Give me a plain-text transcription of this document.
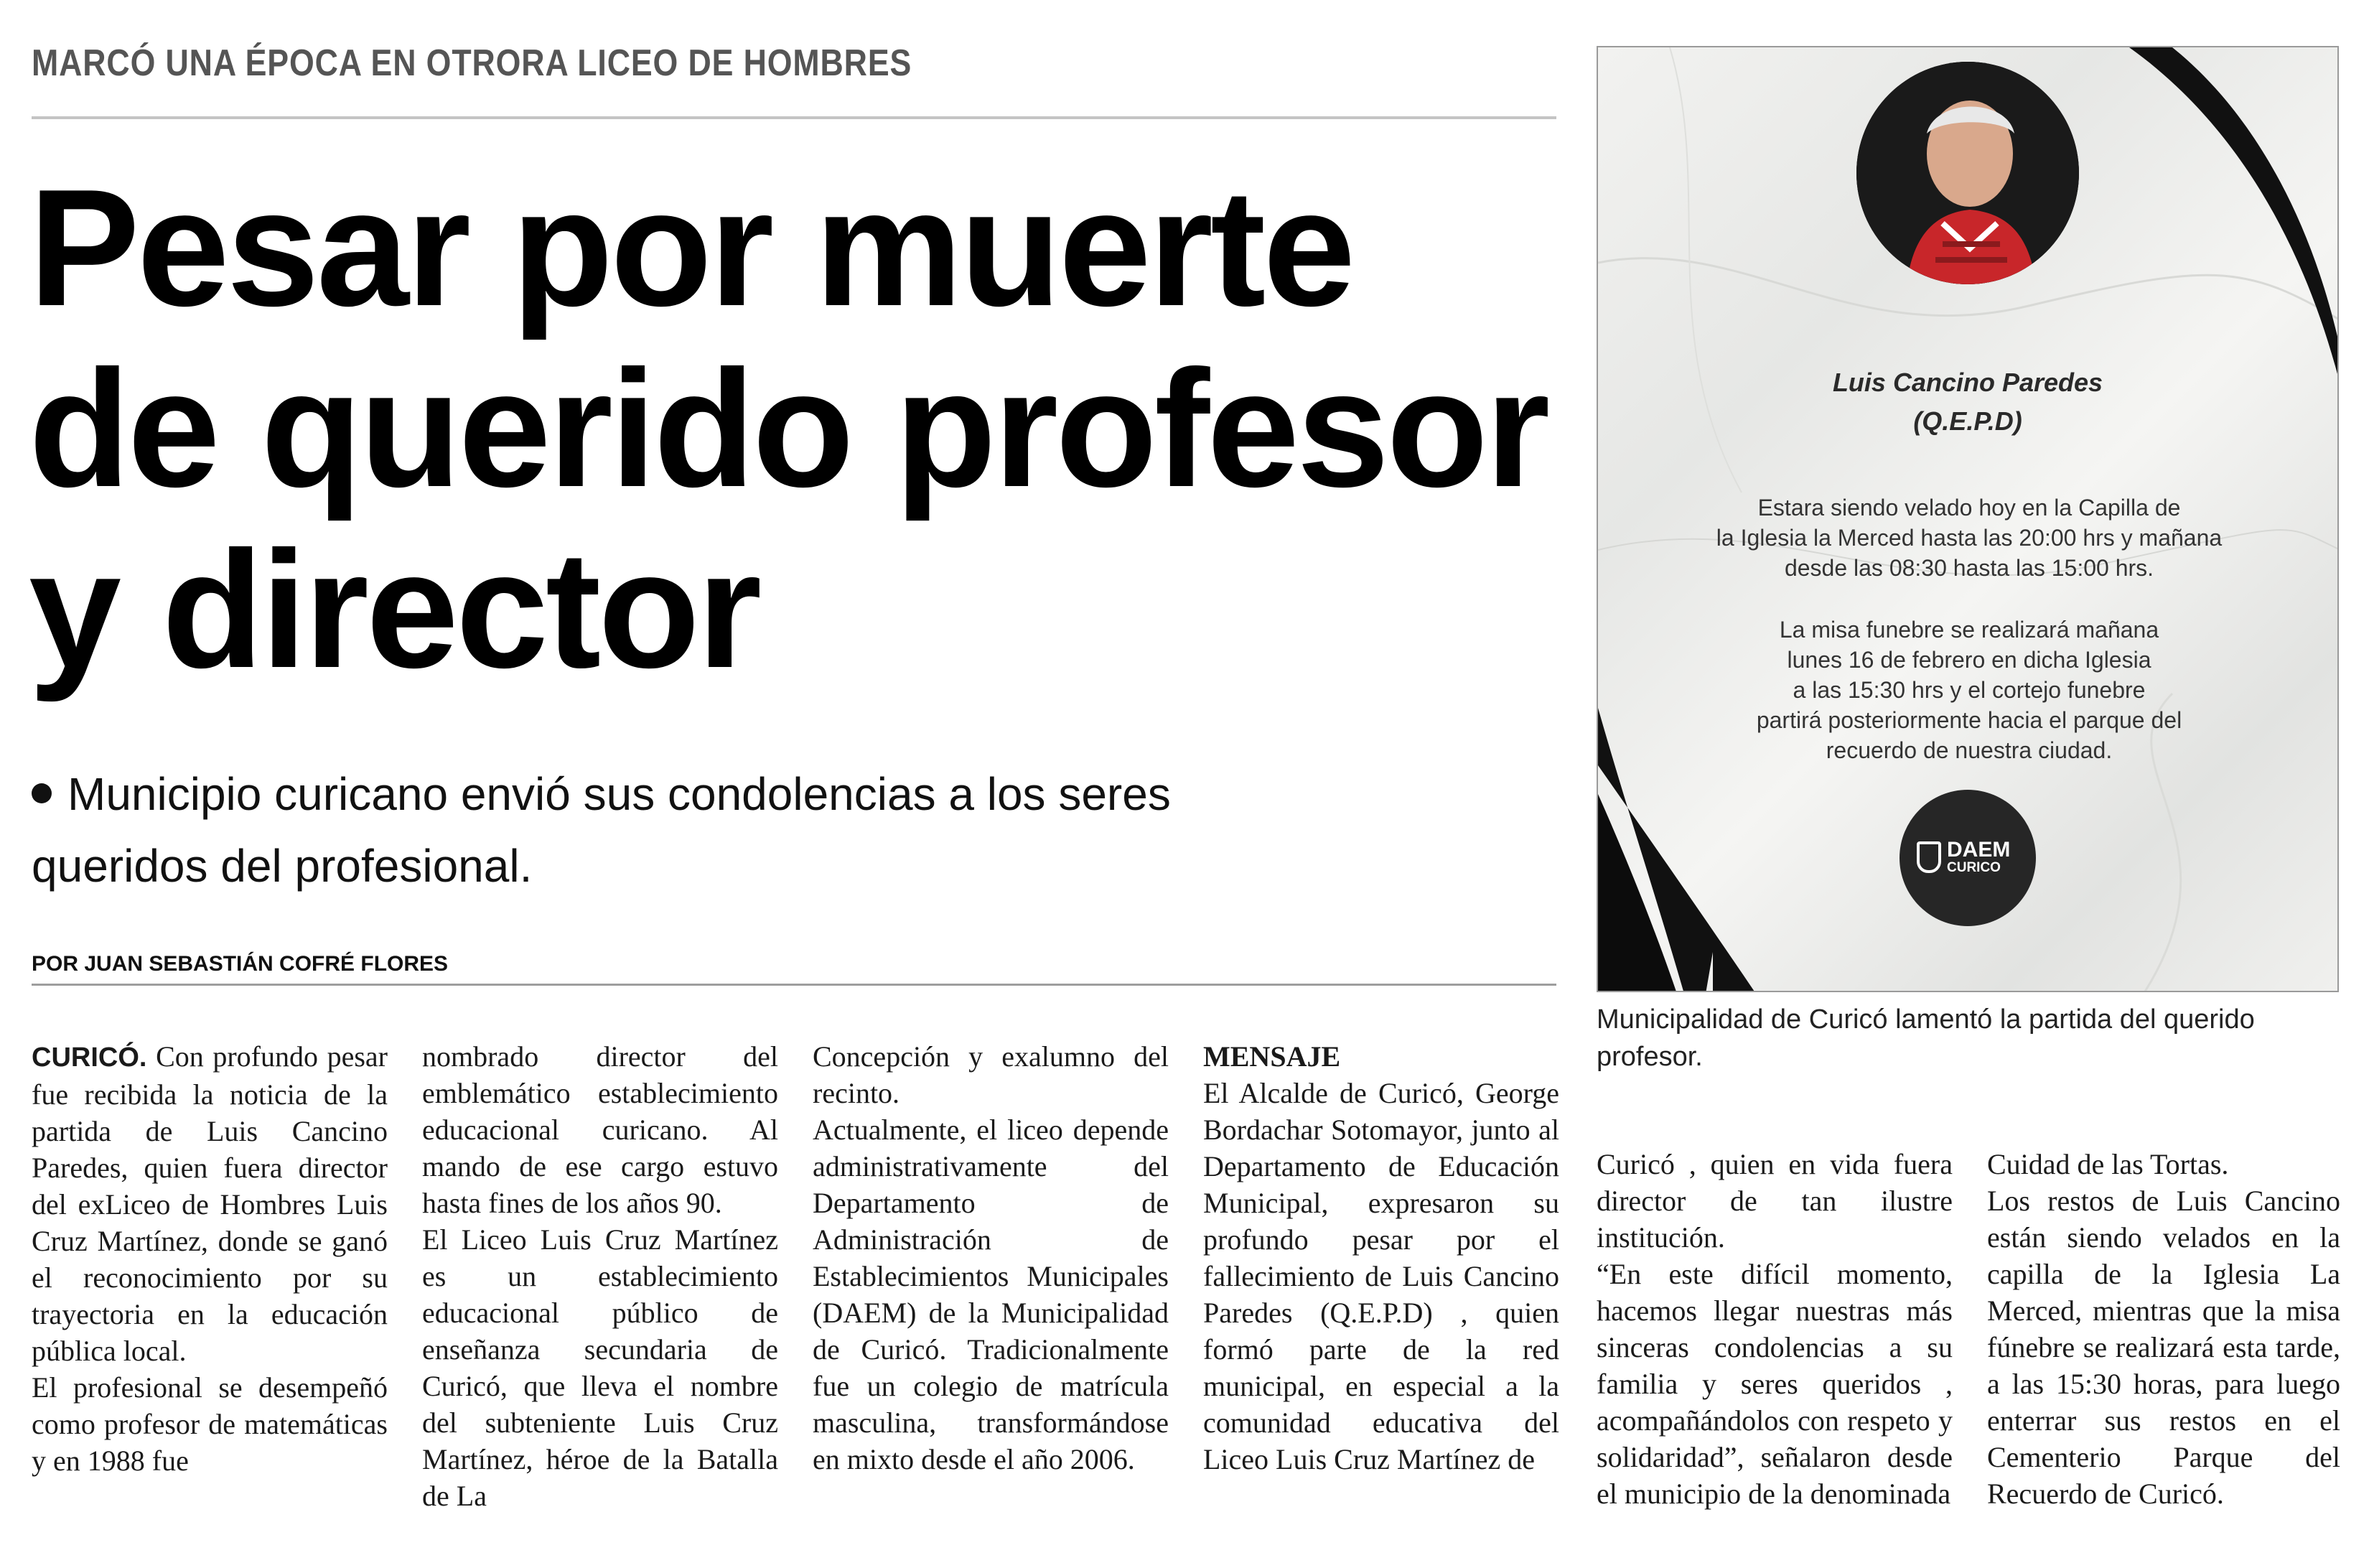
MARCÓ UNA ÉPOCA EN OTRORA LICEO DE HOMBRES
Pesar por muerte
de querido profesor
y director
Municipio curicano envió sus condolencias a los seres
queridos del profesional.
POR JUAN SEBASTIÁN COFRÉ FLORES

CURICÓ. Con profundo pesar fue recibida la noticia de la partida de Luis Cancino Paredes, quien fuera director del exLiceo de Hombres Luis Cruz Martínez, donde se ganó el reconocimiento por su trayectoria en la educación pública local.

El profesional se desempeñó como profesor de matemáticas y en 1988 fue

nombrado director del emblemático establecimiento educacional curicano. Al mando de ese cargo estuvo hasta fines de los años 90.

El Liceo Luis Cruz Martínez es un establecimiento educacional público de enseñanza secundaria de Curicó, que lleva el nombre del subteniente Luis Cruz Martínez, héroe de la Batalla de La

Concepción y exalumno del recinto.

Actualmente, el liceo depende administrativamente del Departamento de Administración de Establecimientos Municipales (DAEM) de la Municipalidad de Curicó. Tradicionalmente fue un colegio de matrícula masculina, transformándose en mixto desde el año 2006.

MENSAJE

El Alcalde de Curicó, George Bordachar Sotomayor, junto al Departamento de Educación Municipal, expresaron su profundo pesar por el fallecimiento de Luis Cancino Paredes (Q.E.P.D) , quien formó parte de la red municipal, en especial a la comunidad educativa del Liceo Luis Cruz Martínez de

Curicó , quien en vida fuera director de tan ilustre institución.

“En este difícil momento, hacemos llegar nuestras más sinceras condolencias a su familia y seres queridos , acompañándolos con respeto y solidaridad”, señalaron desde el municipio de la denominada

Cuidad de las Tortas.

Los restos de Luis Cancino están siendo velados en la capilla de la Iglesia La Merced, mientras que la misa fúnebre se realizará esta tarde, a las 15:30 horas, para luego enterrar sus restos en el Cementerio Parque del Recuerdo de Curicó.

Luis Cancino Paredes
(Q.E.P.D)
Estara siendo velado hoy en la Capilla de
la Iglesia la Merced hasta las 20:00 hrs y mañana
desde las 08:30 hasta las 15:00 hrs.
La misa funebre se realizará mañana
lunes 16 de febrero en dicha Iglesia
a las 15:30 hrs y el cortejo funebre
partirá posteriormente hacia el parque del
recuerdo de nuestra ciudad.
DAEM
CURICO
Municipalidad de Curicó lamentó la partida del querido profesor.
